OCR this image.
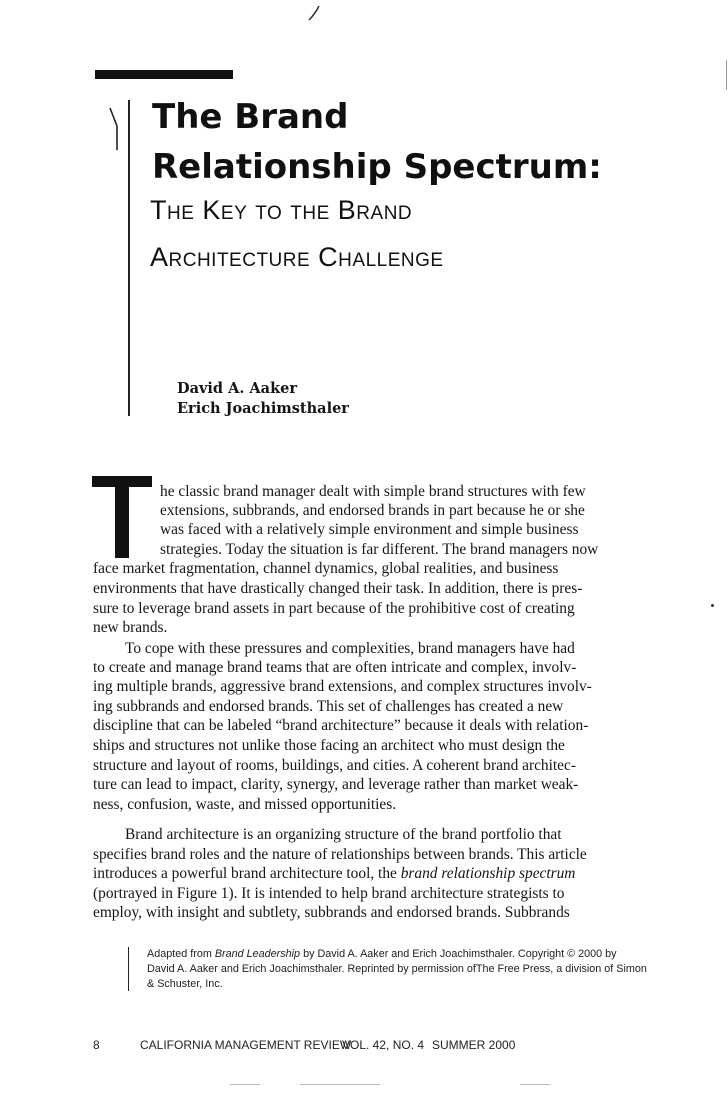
The Brand
Relationship Spectrum:
The Key to the Brand
Architecture Challenge
David A. Aaker
Erich Joachimsthaler
he classic brand manager dealt with simple brand structures with few
extensions, subbrands, and endorsed brands in part because he or she
was faced with a relatively simple environment and simple business
strategies. Today the situation is far different. The brand managers now
face market fragmentation, channel dynamics, global realities, and business
environments that have drastically changed their task. In addition, there is pres-
sure to leverage brand assets in part because of the prohibitive cost of creating
new brands.
To cope with these pressures and complexities, brand managers have had
to create and manage brand teams that are often intricate and complex, involv-
ing multiple brands, aggressive brand extensions, and complex structures involv-
ing subbrands and endorsed brands. This set of challenges has created a new
discipline that can be labeled “brand architecture” because it deals with relation-
ships and structures not unlike those facing an architect who must design the
structure and layout of rooms, buildings, and cities. A coherent brand architec-
ture can lead to impact, clarity, synergy, and leverage rather than market weak-
ness, confusion, waste, and missed opportunities.
Brand architecture is an organizing structure of the brand portfolio that
specifies brand roles and the nature of relationships between brands. This article
introduces a powerful brand architecture tool, the brand relationship spectrum
(portrayed in Figure 1). It is intended to help brand architecture strategists to
employ, with insight and subtlety, subbrands and endorsed brands. Subbrands
Adapted from Brand Leadership by David A. Aaker and Erich Joachimsthaler. Copyright © 2000 by
David A. Aaker and Erich Joachimsthaler. Reprinted by permission ofThe Free Press, a division of Simon
& Schuster, Inc.
8	CALIFORNIA MANAGEMENT REVIEW
VOL. 42, NO. 4 SUMMER 2000
